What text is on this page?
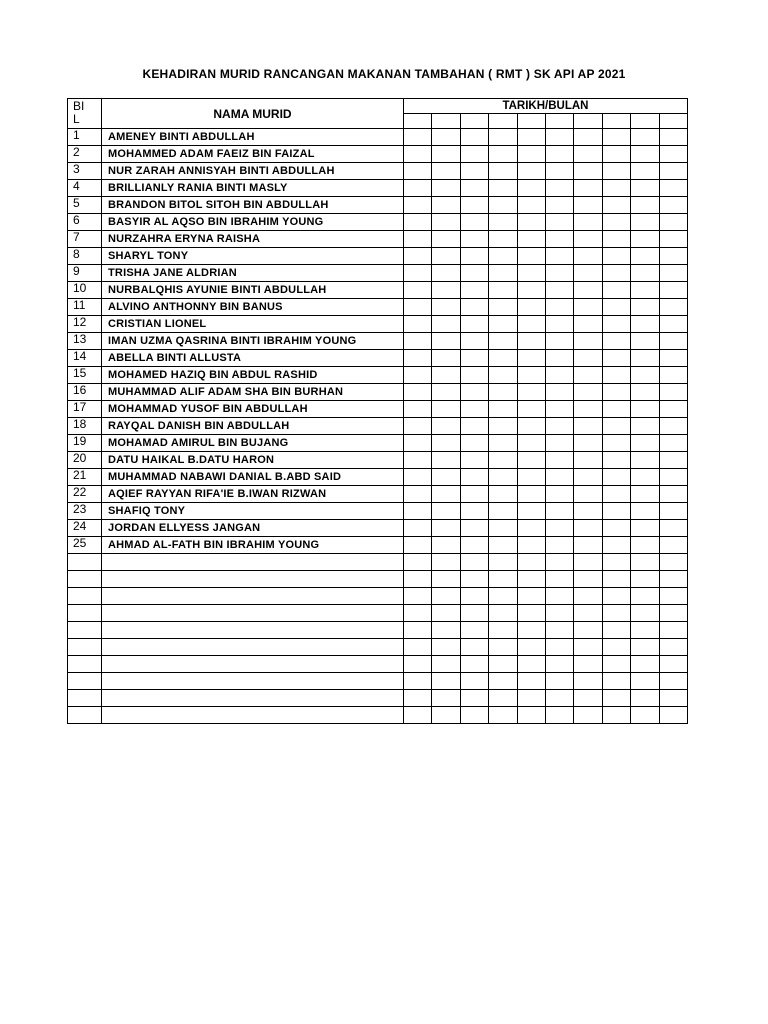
KEHADIRAN MURID RANCANGAN MAKANAN TAMBAHAN ( RMT ) SK API AP 2021
BIL	NAMA MURID	TARIKH/BULAN									

1	AMENEY BINTI ABDULLAH										
2	MOHAMMED ADAM FAEIZ BIN FAIZAL										
3	NUR ZARAH ANNISYAH BINTI ABDULLAH										
4	BRILLIANLY RANIA BINTI MASLY										
5	BRANDON BITOL SITOH BIN ABDULLAH										
6	BASYIR AL AQSO BIN IBRAHIM YOUNG										
7	NURZAHRA ERYNA RAISHA										
8	SHARYL TONY										
9	TRISHA JANE ALDRIAN										
10	NURBALQHIS AYUNIE BINTI ABDULLAH										
11	ALVINO ANTHONNY BIN BANUS										
12	CRISTIAN LIONEL										
13	IMAN UZMA QASRINA BINTI IBRAHIM YOUNG										
14	ABELLA BINTI ALLUSTA										
15	MOHAMED HAZIQ BIN ABDUL RASHID										
16	MUHAMMAD ALIF ADAM SHA BIN BURHAN										
17	MOHAMMAD YUSOF BIN ABDULLAH										
18	RAYQAL DANISH BIN ABDULLAH										
19	MOHAMAD AMIRUL BIN BUJANG										
20	DATU HAIKAL B.DATU HARON										
21	MUHAMMAD NABAWI DANIAL B.ABD SAID										
22	AQIEF RAYYAN RIFA'IE B.IWAN RIZWAN										
23	SHAFIQ TONY										
24	JORDAN ELLYESS JANGAN										
25	AHMAD AL-FATH BIN IBRAHIM YOUNG										
